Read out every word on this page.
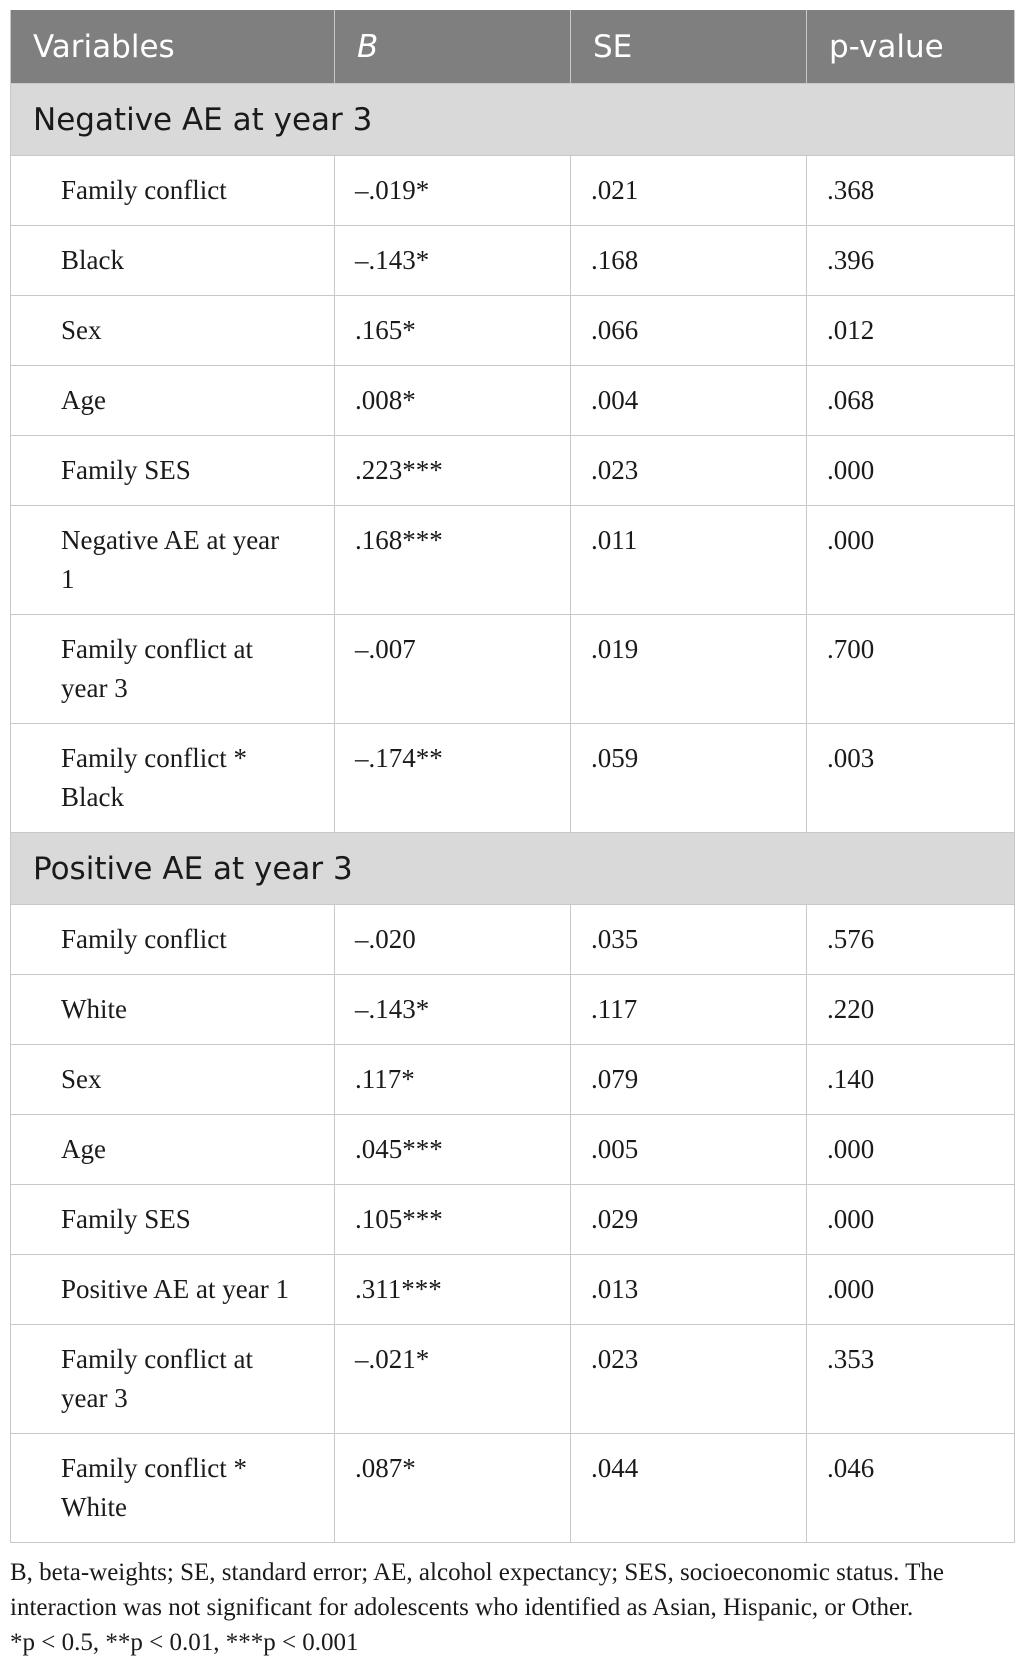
Variables	B	SE	p-value
Negative AE at year 3			
Family conflict	–.019*	.021	.368
Black	–.143*	.168	.396
Sex	.165*	.066	.012
Age	.008*	.004	.068
Family SES	.223***	.023	.000
Negative AE at year 1	.168***	.011	.000
Family conflict at year 3	–.007	.019	.700
Family conflict * Black	–.174**	.059	.003
Positive AE at year 3			
Family conflict	–.020	.035	.576
White	–.143*	.117	.220
Sex	.117*	.079	.140
Age	.045***	.005	.000
Family SES	.105***	.029	.000
Positive AE at year 1	.311***	.013	.000
Family conflict at year 3	–.021*	.023	.353
Family conflict * White	.087*	.044	.046
B, beta-weights; SE, standard error; AE, alcohol expectancy; SES, socioeconomic status. The interaction was not significant for adolescents who identified as Asian, Hispanic, or Other.
*p < 0.5, **p < 0.01, ***p < 0.001
